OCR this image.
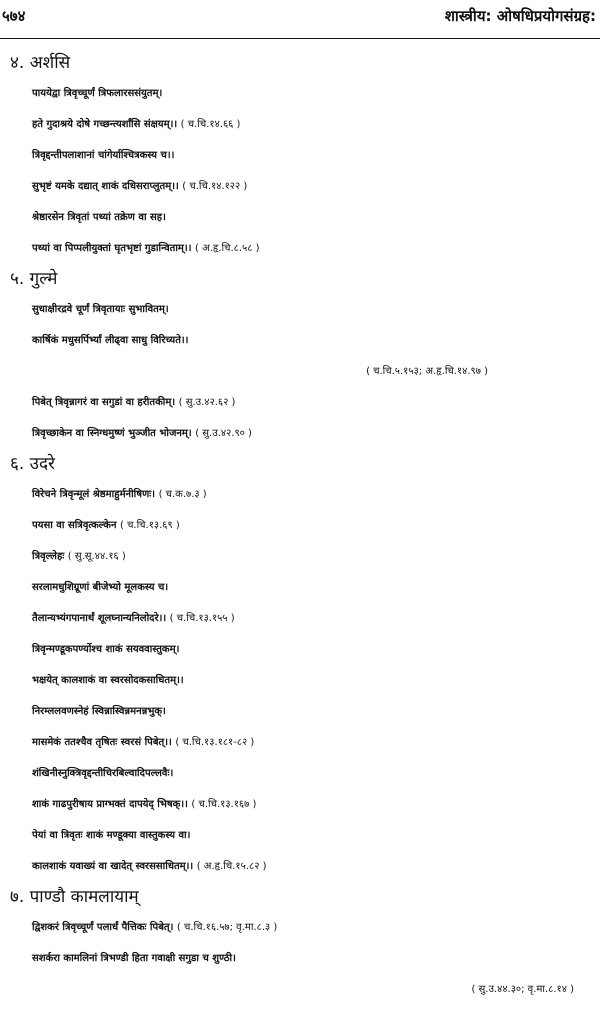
५७४	शास्त्रीय: ओषधिप्रयोगसंग्रह:
४. अर्शसि
पाययेद्वा त्रिवृच्चूर्णं त्रिफलारससंयुतम्।
हते गुदाश्रये दोषे गच्छन्त्यर्शांसि संक्षयम्।। ( च.चि.१४.६६ )
त्रिवृद्दन्तीपलाशानां चांगेर्याश्चित्रकस्य च।।
सुभृष्टं यमके दद्यात् शाकं दधिसराप्लुतम्।। ( च.चि.१४.१२२ )
श्रेष्ठारसेन त्रिवृतां पथ्यां तक्रेण वा सह।
पथ्यां वा पिप्पलीयुक्तां घृतभृष्टां गुडान्विताम्।। ( अ.हृ.चि.८.५८ )
५. गुल्मे
सुधाक्षीरद्रवे चूर्णं त्रिवृतायाः सुभावितम्।
कार्षिकं मधुसर्पिर्भ्यां लीढ्वा साधु विरिच्यते।।
( च.चि.५.१५३; अ.हृ.चि.१४.९७ )
पिबेत् त्रिवृन्नागरं वा सगुडां वा हरीतकीम्। ( सु.उ.४२.६२ )
त्रिवृच्छाकेन वा स्निग्धमुष्णं भुञ्जीत भोजनम्। ( सु.उ.४२.९० )
६. उदरे
विरेचने त्रिवृन्मूलं श्रेष्ठमाहुर्मनीषिणः। ( च.क.७.३ )
पयसा वा सत्रिवृत्कल्केन ( च.चि.१३.६९ )
त्रिवृल्लेहः ( सु.सू.४४.१६ )
सरलामधुशिग्रूणां बीजेभ्यो मूलकस्य च।
तैलान्यभ्यंगपानार्थं शूलघ्नान्यनिलोदरे।। ( च.चि.१३.१५५ )
त्रिवृन्मण्डूकपर्ण्योश्च शाकं सयववास्तुकम्।
भक्षयेत् कालशाकं वा स्वरसोदकसाधितम्।।
निरम्ललवणस्नेहं स्विन्नास्विन्नमनन्नभुक्।
मासमेकं ततश्चैव तृषितः स्वरसं पिबेत्।। ( च.चि.१३.१८१-८२ )
शंखिनीस्नुक्त्रिवृद्दन्तीचिरबिल्वादिपल्लवैः।
शाकं गाढपुरीषाय प्राग्भक्तं दापयेद् भिषक्।। ( च.चि.१३.१६७ )
पेयां वा त्रिवृतः शाकं मण्डूक्या वास्तुकस्य वा।
कालशाकं यवाख्यं वा खादेत् स्वरससाधितम्।। ( अ.हृ.चि.१५.८२ )
७. पाण्डौ कामलायाम्
द्विशकरं त्रिवृच्चूर्णं पलार्धं पैत्तिकः पिबेत्। ( च.चि.१६.५७; वृ.मा.८.३ )
सशर्करा कामलिनां त्रिभण्डी हिता गवाक्षी सगुडा च शुण्ठी।
( सु.उ.४४.३०; वृ.मा.८.१४ )
